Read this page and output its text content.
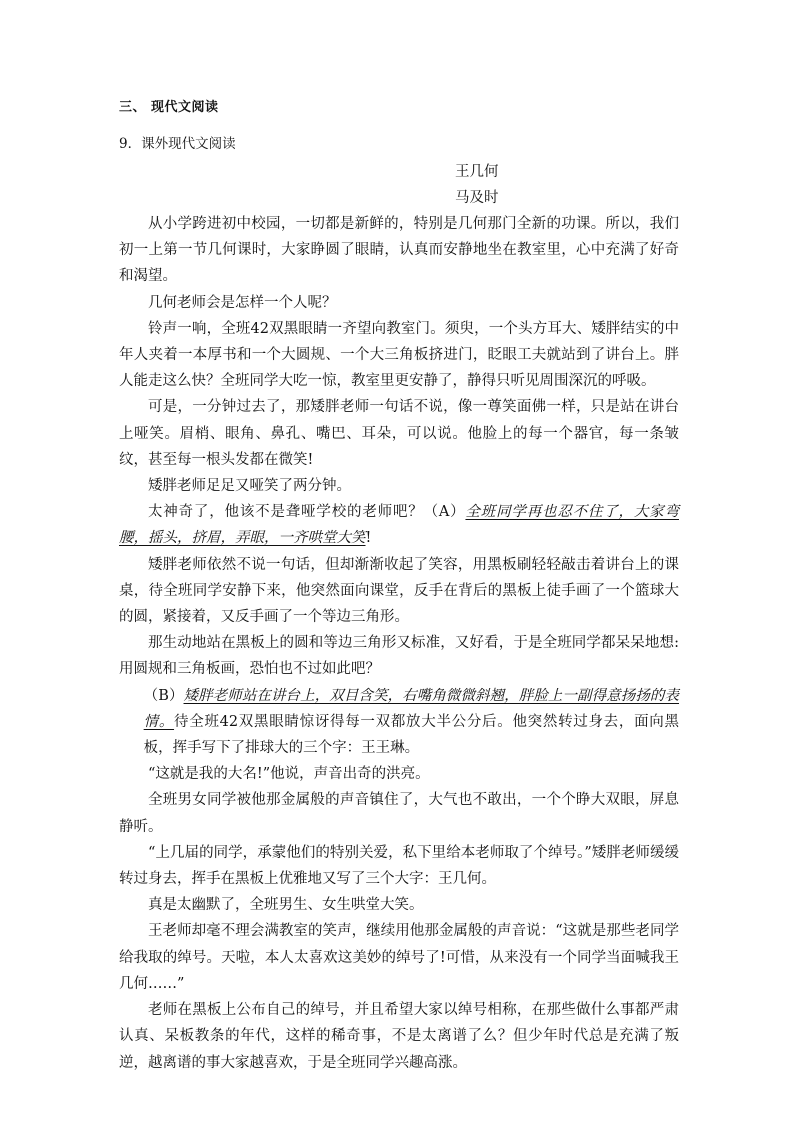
三、 现代文阅读
9．课外现代文阅读
王几何
马及时

从小学跨进初中校园，一切都是新鲜的，特别是几何那门全新的功课。所以，我们初一上第一节几何课时，大家睁圆了眼睛，认真而安静地坐在教室里，心中充满了好奇和渴望。

几何老师会是怎样一个人呢？

铃声一响，全班42双黑眼睛一齐望向教室门。须臾，一个头方耳大、矮胖结实的中年人夹着一本厚书和一个大圆规、一个大三角板挤进门，眨眼工夫就站到了讲台上。胖人能走这么快？全班同学大吃一惊，教室里更安静了，静得只听见周围深沉的呼吸。

可是，一分钟过去了，那矮胖老师一句话不说，像一尊笑面佛一样，只是站在讲台上哑笑。眉梢、眼角、鼻孔、嘴巴、耳朵，可以说。他脸上的每一个器官，每一条皱纹，甚至每一根头发都在微笑!

矮胖老师足足又哑笑了两分钟。

太神奇了，他该不是聋哑学校的老师吧？（A）全班同学再也忍不住了，大家弯腰，摇头，挤眉，弄眼，一齐哄堂大笑!

矮胖老师依然不说一句话，但却渐渐收起了笑容，用黑板刷轻轻敲击着讲台上的课桌，待全班同学安静下来，他突然面向课堂，反手在背后的黑板上徒手画了一个篮球大的圆，紧接着，又反手画了一个等边三角形。

那生动地站在黑板上的圆和等边三角形又标准，又好看，于是全班同学都呆呆地想:用圆规和三角板画，恐怕也不过如此吧？

（B）矮胖老师站在讲台上，双目含笑，右嘴角微微斜翘，胖脸上一副得意扬扬的表情。待全班42双黑眼睛惊讶得每一双都放大半公分后。他突然转过身去，面向黑板，挥手写下了排球大的三个字：王王琳。

“这就是我的大名!”他说，声音出奇的洪亮。

全班男女同学被他那金属般的声音镇住了，大气也不敢出，一个个睁大双眼，屏息静听。

“上几届的同学，承蒙他们的特别关爱，私下里给本老师取了个绰号。”矮胖老师缓缓转过身去，挥手在黑板上优雅地又写了三个大字：王几何。

真是太幽默了，全班男生、女生哄堂大笑。

王老师却毫不理会满教室的笑声，继续用他那金属般的声音说：“这就是那些老同学给我取的绰号。天啦，本人太喜欢这美妙的绰号了!可惜，从来没有一个同学当面喊我王几何……”

老师在黑板上公布自己的绰号，并且希望大家以绰号相称，在那些做什么事都严肃认真、呆板教条的年代，这样的稀奇事，不是太离谱了么？但少年时代总是充满了叛逆，越离谱的事大家越喜欢，于是全班同学兴趣高涨。
